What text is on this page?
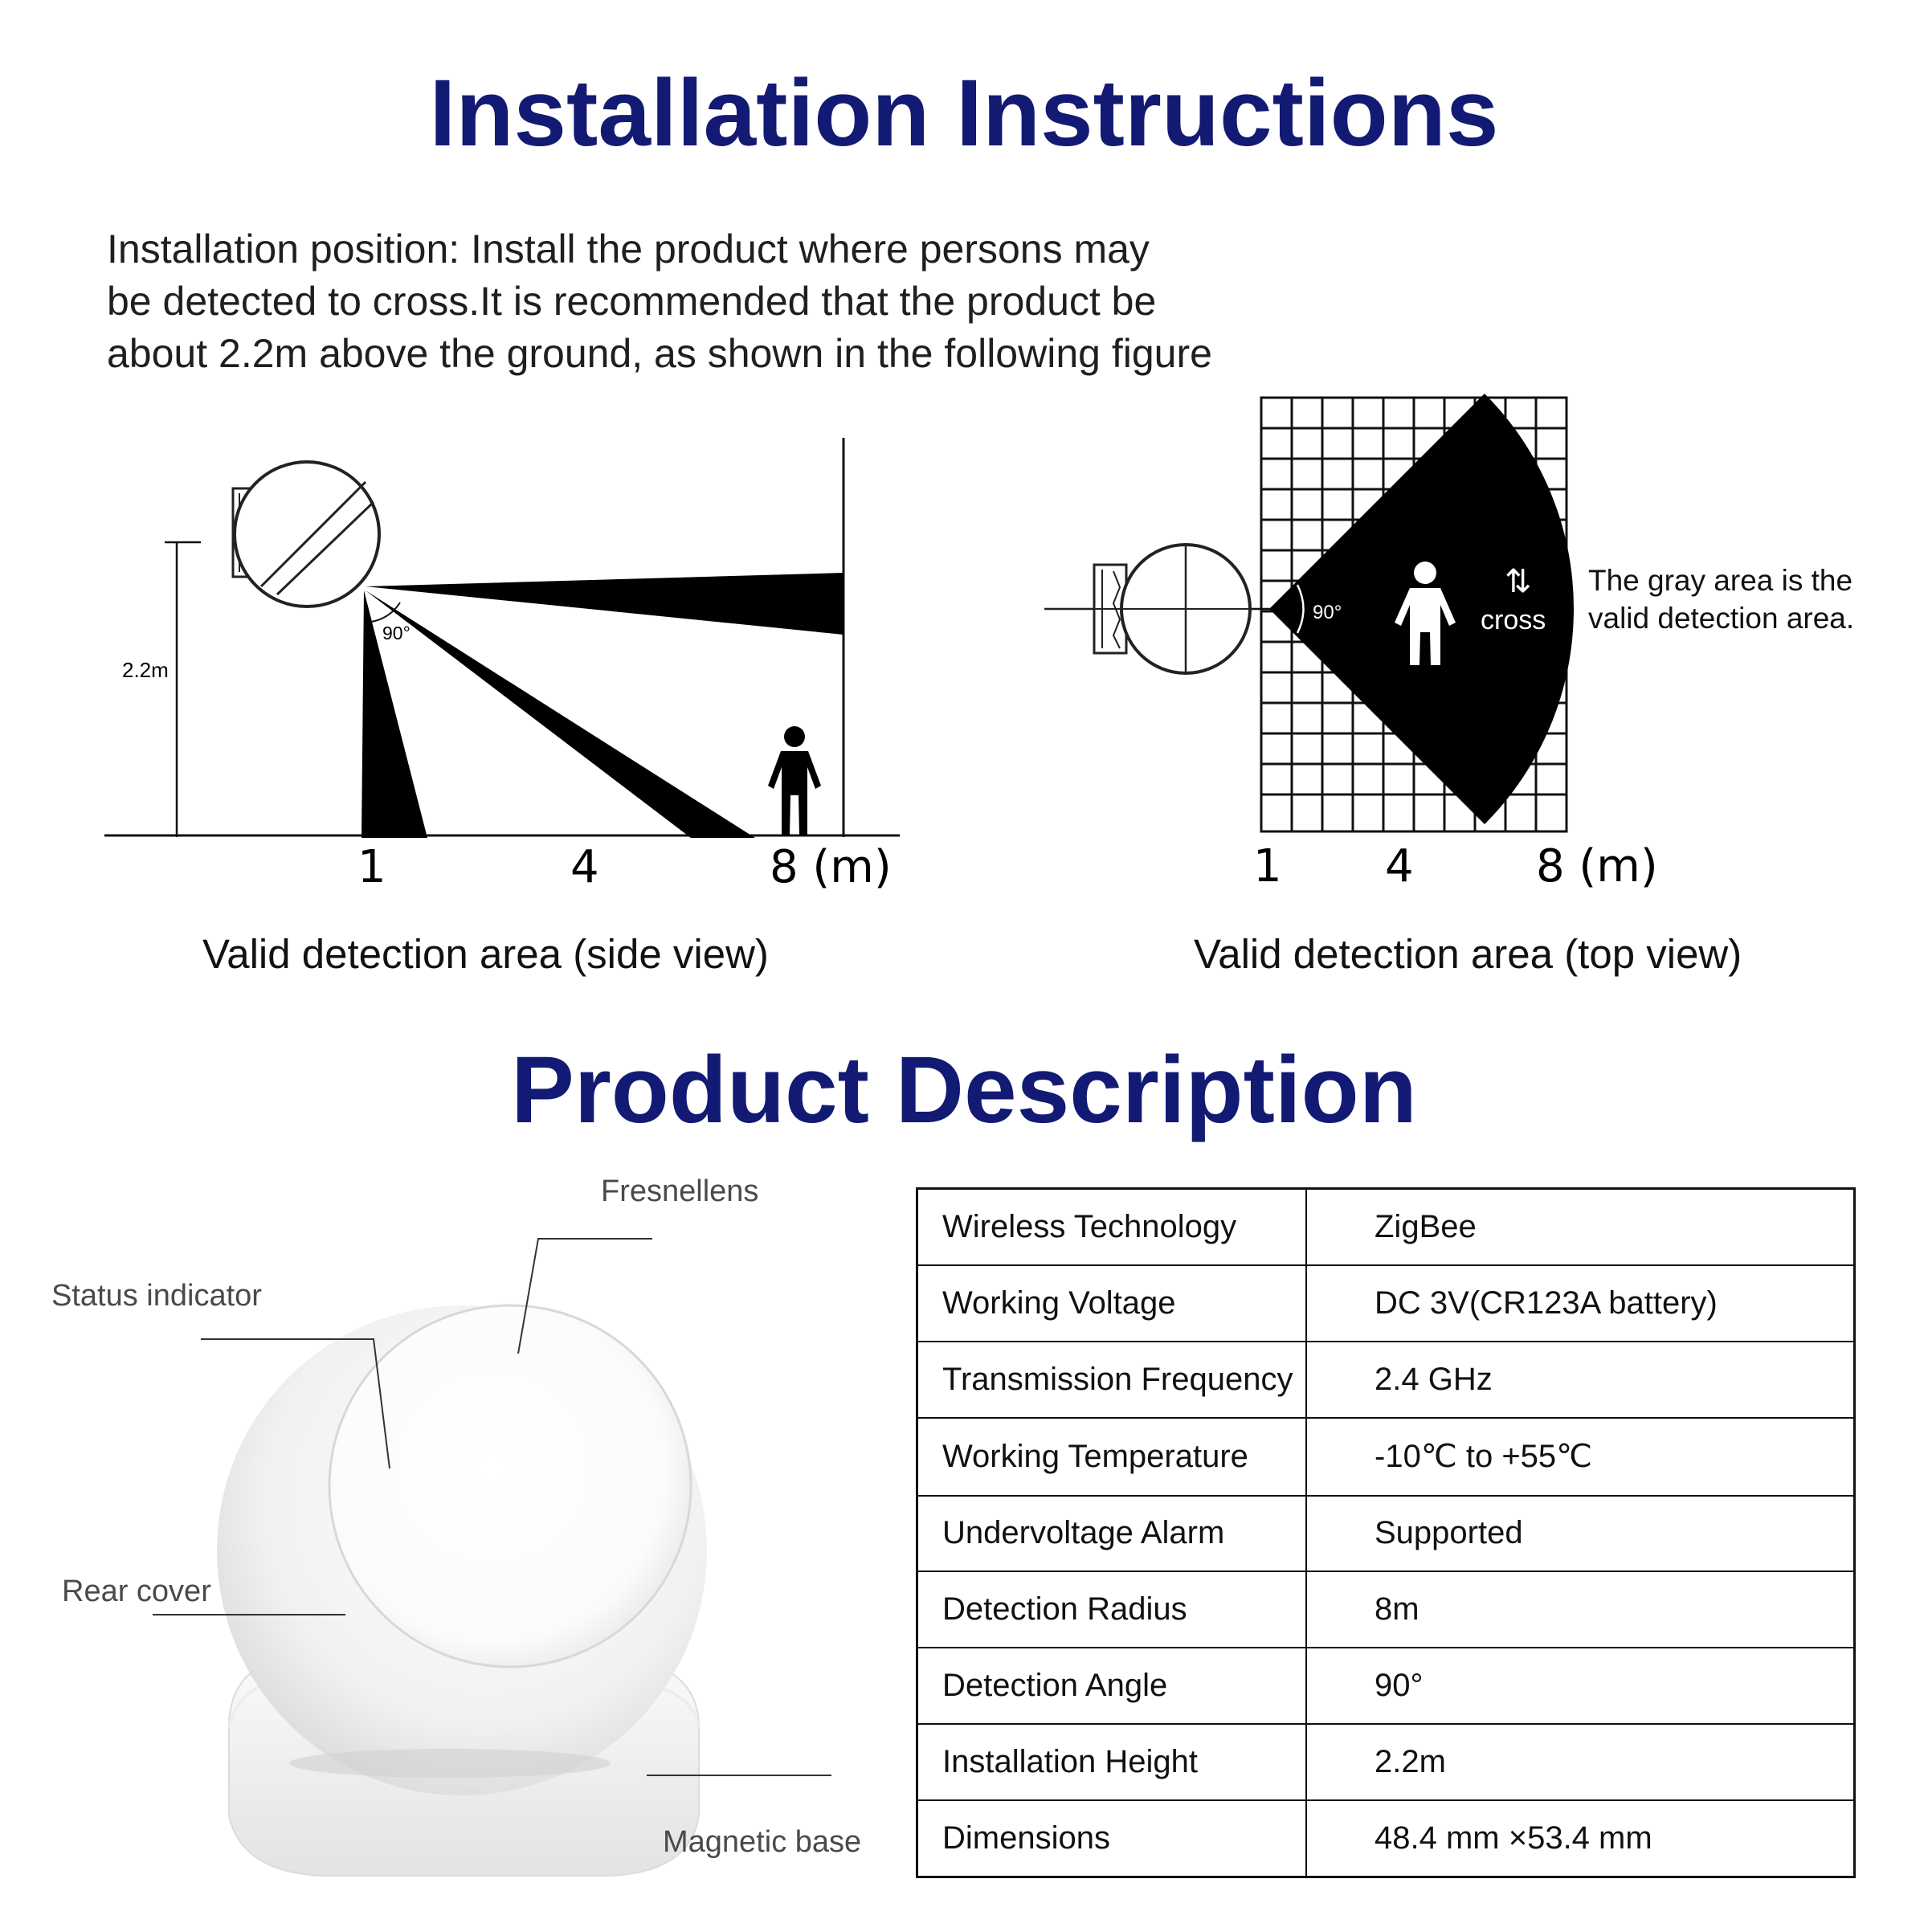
Installation Instructions
Installation position: Install the product where persons may
be detected to cross.It is recommended that the product be
about 2.2m above the ground, as shown in the following figure
2.2m
90°
1	4	8 (m)
Valid detection area (side view)
90°
⇅
cross
The gray area is the
valid detection area.
1 4	8 (m)
Valid detection area (top view)
Product Description
Fresnellens
Status indicator
Rear cover
Magnetic base
Wireless Technology	ZigBee
Working Voltage	DC 3V(CR123A battery)
Transmission Frequency	2.4 GHz
Working Temperature	-10℃ to +55℃
Undervoltage Alarm	Supported
Detection Radius	8m
Detection Angle	90°
Installation Height	2.2m
Dimensions	48.4 mm ×53.4 mm
